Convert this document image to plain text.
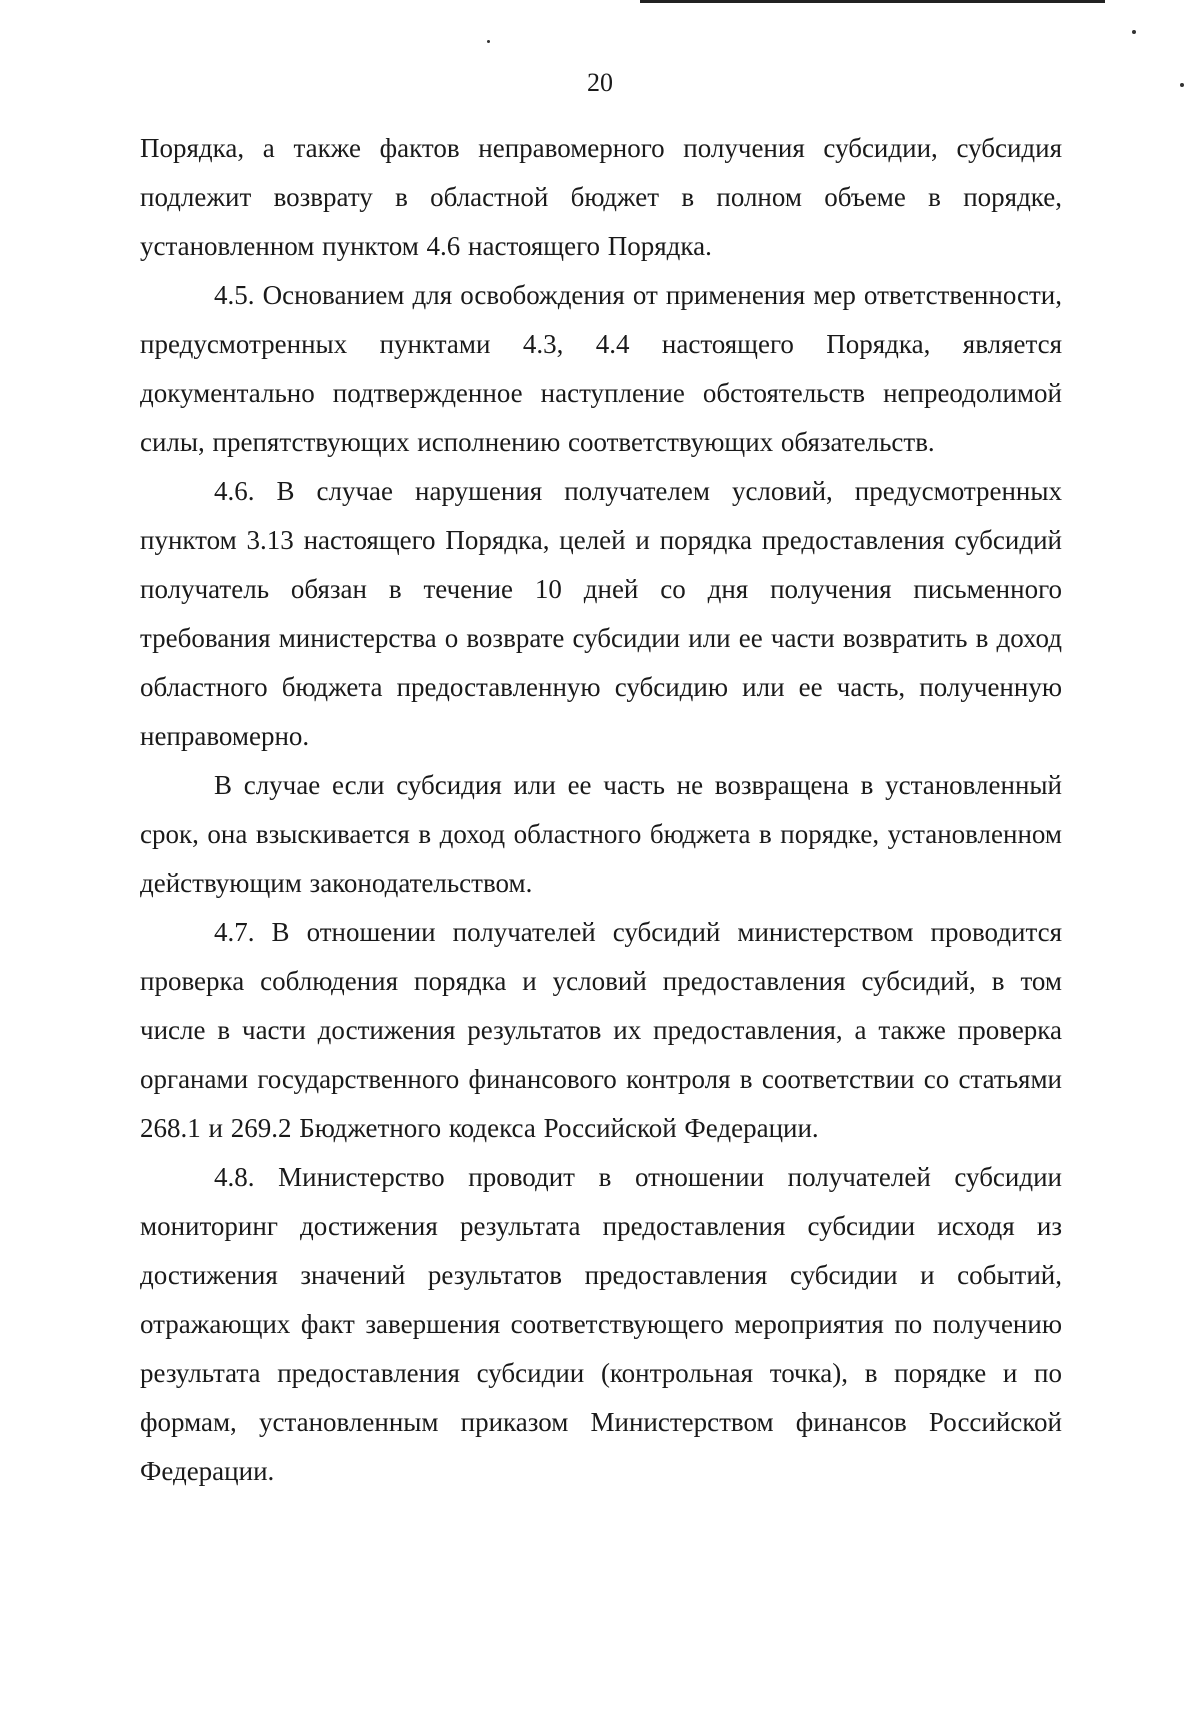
20

Порядка, а также фактов неправомерного получения субсидии, субсидия подлежит возврату в областной бюджет в полном объеме в порядке, установленном пунктом 4.6 настоящего Порядка.

4.5. Основанием для освобождения от применения мер ответственности, предусмотренных пунктами 4.3, 4.4 настоящего Порядка, является документально подтвержденное наступление обстоятельств непреодолимой силы, препятствующих исполнению соответствующих обязательств.

4.6. В случае нарушения получателем условий, предусмотренных пунктом 3.13 настоящего Порядка, целей и порядка предоставления субсидий получатель обязан в течение 10 дней со дня получения письменного требования министерства о возврате субсидии или ее части возвратить в доход областного бюджета предоставленную субсидию или ее часть, полученную неправомерно.

В случае если субсидия или ее часть не возвращена в установленный срок, она взыскивается в доход областного бюджета в порядке, установленном действующим законодательством.

4.7. В отношении получателей субсидий министерством проводится проверка соблюдения порядка и условий предоставления субсидий, в том числе в части достижения результатов их предоставления, а также проверка органами государственного финансового контроля в соответствии со статьями 268.1 и 269.2 Бюджетного кодекса Российской Федерации.

4.8. Министерство проводит в отношении получателей субсидии мониторинг достижения результата предоставления субсидии исходя из достижения значений результатов предоставления субсидии и событий, отражающих факт завершения соответствующего мероприятия по получению результата предоставления субсидии (контрольная точка), в порядке и по формам, установленным приказом Министерством финансов Российской Федерации.
